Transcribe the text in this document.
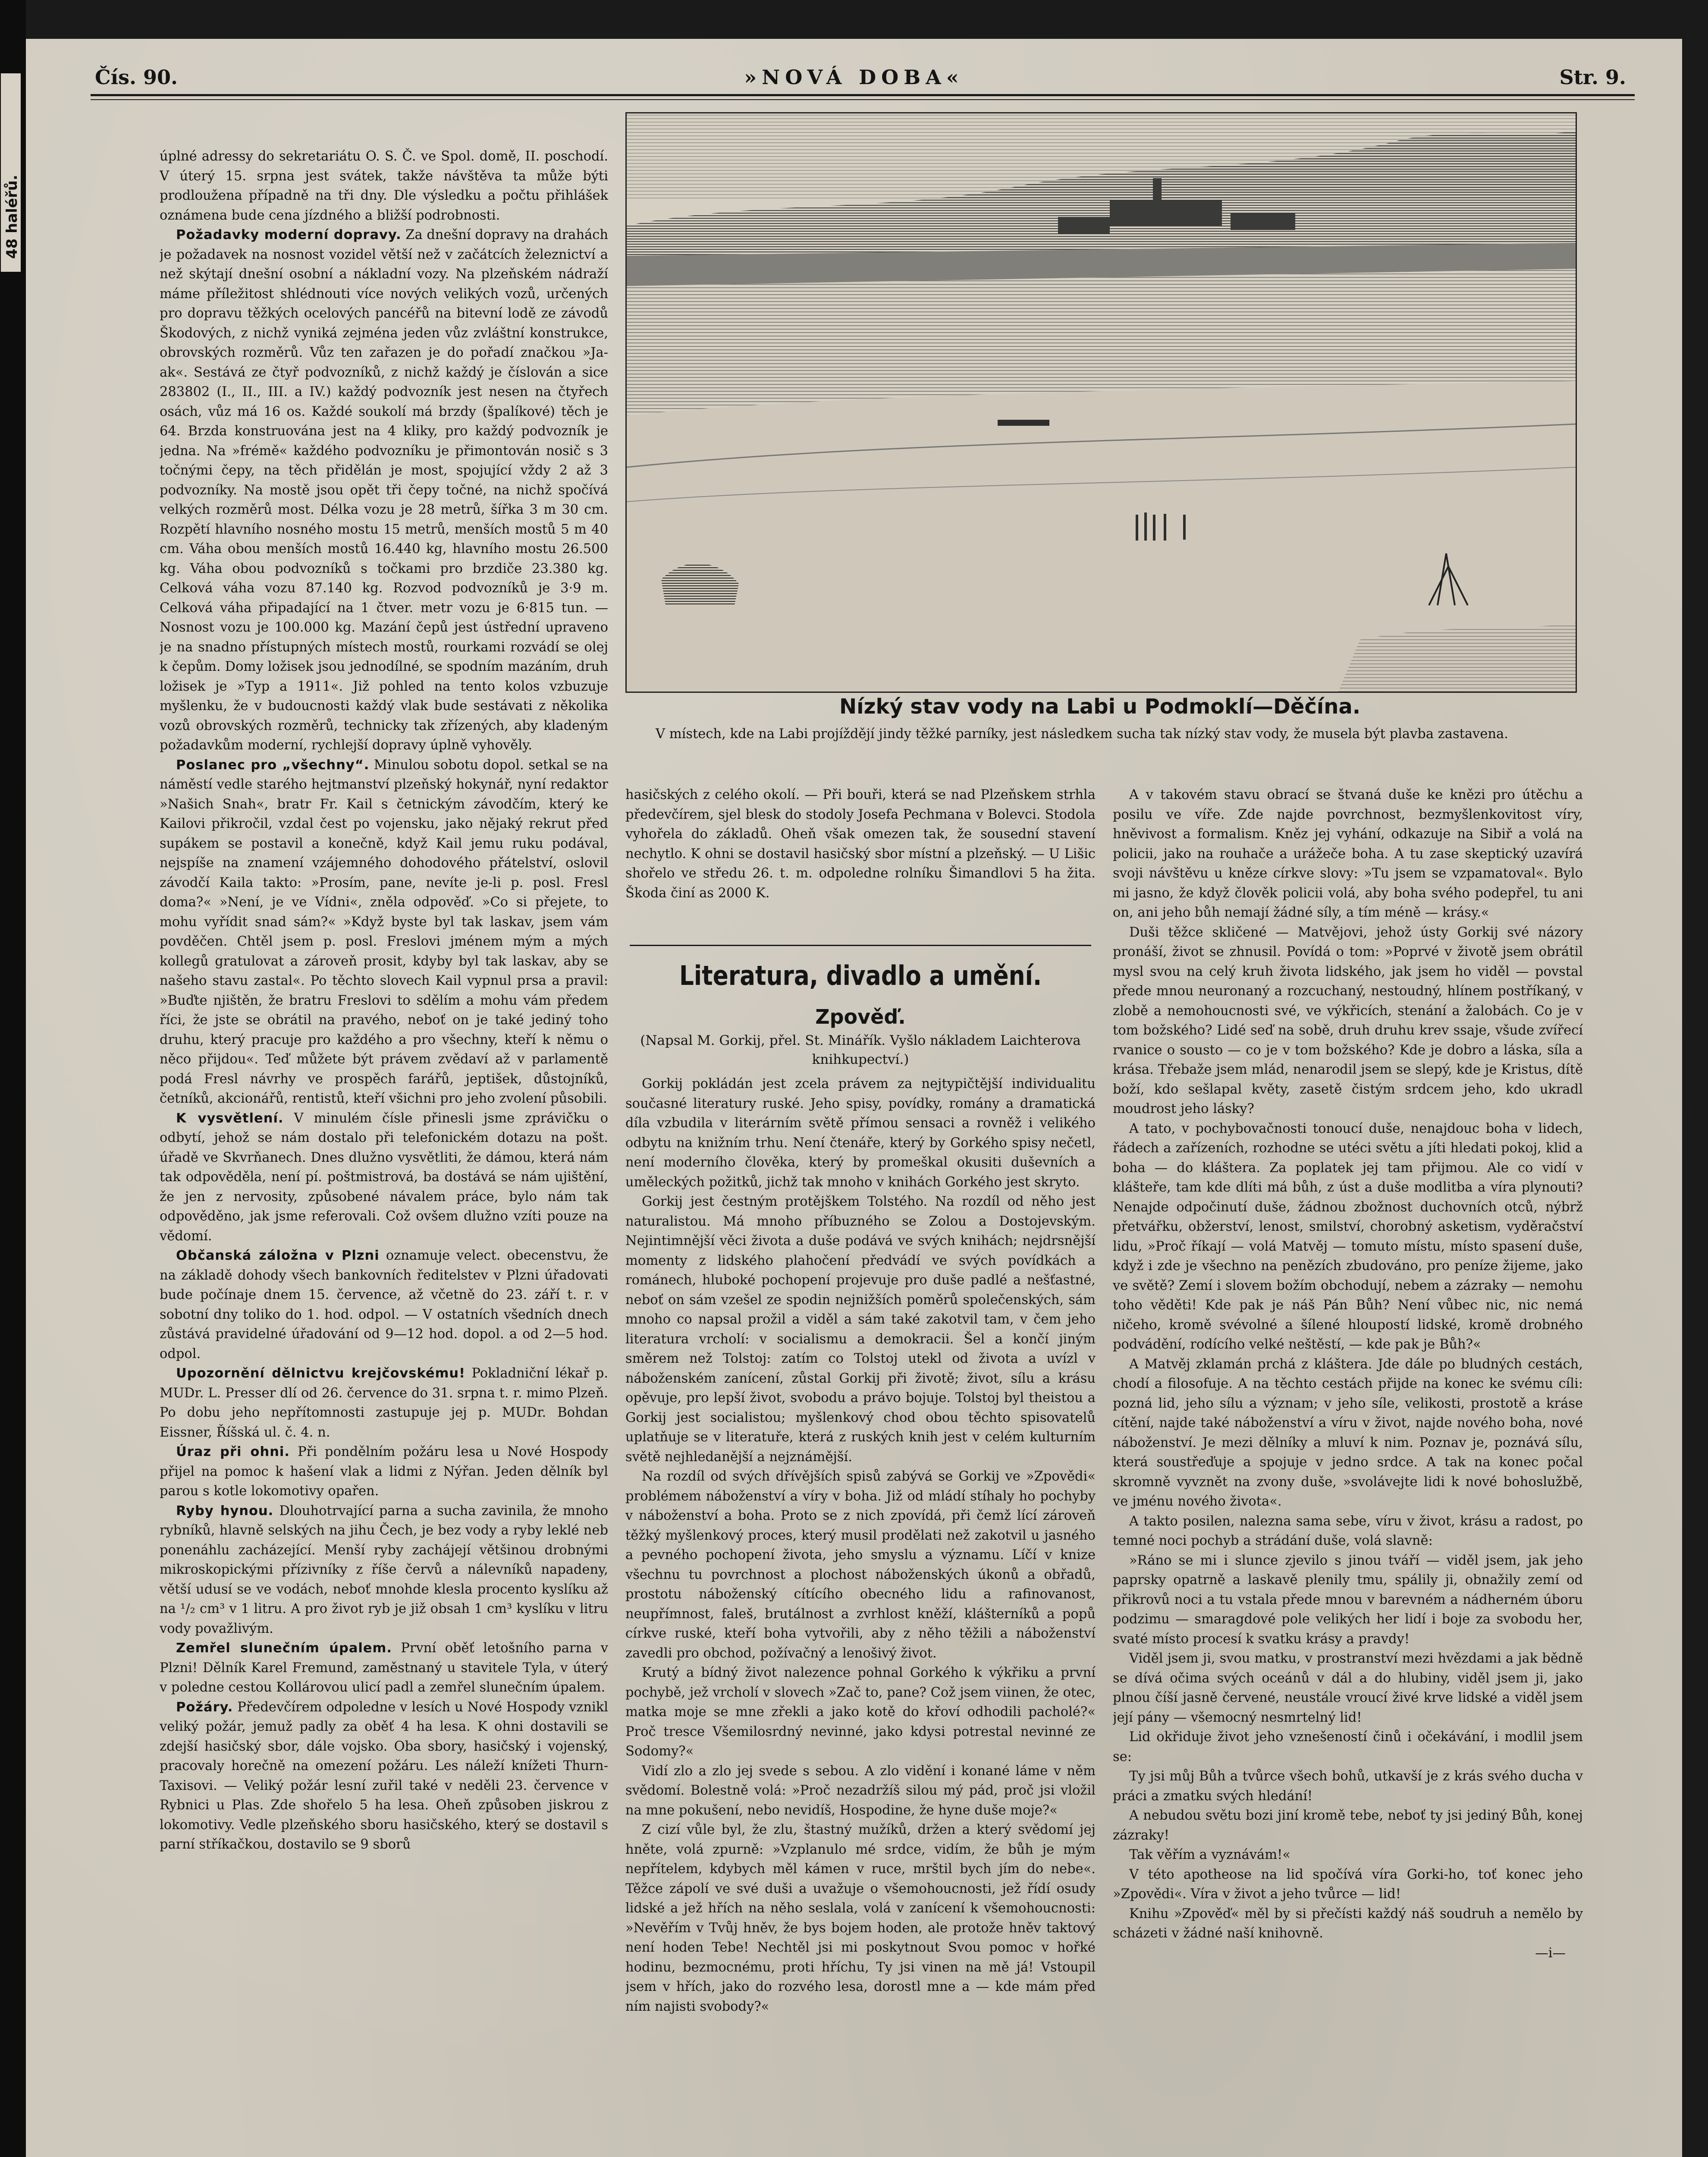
48 haléřů.
Čís. 90.	»NOVÁ DOBA«	Str. 9.

úplné adressy do sekretariátu O. S. Č. ve Spol. domě, II. poschodí. V úterý 15. srpna jest svátek, takže návštěva ta může býti prodloužena případně na tři dny. Dle výsledku a počtu přihlášek oznámena bude cena jízdného a bližší podrobnosti.

Požadavky moderní dopravy. Za dnešní dopravy na drahách je požadavek na nosnost vozidel větší než v začátcích železnictví a než skýtají dnešní osobní a nákladní vozy. Na plzeňském nádraží máme příležitost shlédnouti více nových velikých vozů, určených pro dopravu těžkých ocelových pancéřů na bitevní lodě ze závodů Škodových, z nichž vyniká zejména jeden vůz zvláštní konstrukce, obrovských rozměrů. Vůz ten zařazen je do pořadí značkou »Ja-ak«. Sestává ze čtyř podvozníků, z nichž každý je číslován a sice 283802 (I., II., III. a IV.) každý podvozník jest nesen na čtyřech osách, vůz má 16 os. Každé soukolí má brzdy (špalíkové) těch je 64. Brzda konstruována jest na 4 kliky, pro každý podvozník je jedna. Na »frémě« každého podvozníku je přimontován nosič s 3 točnými čepy, na těch přidělán je most, spojující vždy 2 až 3 podvozníky. Na mostě jsou opět tři čepy točné, na nichž spočívá velkých rozměrů most. Délka vozu je 28 metrů, šířka 3 m 30 cm. Rozpětí hlavního nosného mostu 15 metrů, menších mostů 5 m 40 cm. Váha obou menších mostů 16.440 kg, hlavního mostu 26.500 kg. Váha obou podvozníků s točkami pro brzdiče 23.380 kg. Celková váha vozu 87.140 kg. Rozvod podvozníků je 3·9 m. Celková váha připadající na 1 čtver. metr vozu je 6·815 tun. — Nosnost vozu je 100.000 kg. Mazání čepů jest ústřední upraveno je na snadno přístupných místech mostů, rourkami rozvádí se olej k čepům. Domy ložisek jsou jednodílné, se spodním mazáním, druh ložisek je »Typ a 1911«. Již pohled na tento kolos vzbuzuje myšlenku, že v budoucnosti každý vlak bude sestávati z několika vozů obrovských rozměrů, technicky tak zřízených, aby kladeným požadavkům moderní, rychlejší dopravy úplně vyhověly.

Poslanec pro „všechny“. Minulou sobotu dopol. setkal se na náměstí vedle starého hejtmanství plzeňský hokynář, nyní redaktor »Našich Snah«, bratr Fr. Kail s četnickým závodčím, který ke Kailovi přikročil, vzdal čest po vojensku, jako nějaký rekrut před supákem se postavil a konečně, když Kail jemu ruku podával, nejspíše na znamení vzájemného dohodového přátelství, oslovil závodčí Kaila takto: »Prosím, pane, nevíte je-li p. posl. Fresl doma?« »Není, je ve Vídni«, zněla odpověď. »Co si přejete, to mohu vyřídit snad sám?« »Když byste byl tak laskav, jsem vám povděčen. Chtěl jsem p. posl. Freslovi jménem mým a mých kollegů gratulovat a zároveň prosit, kdyby byl tak laskav, aby se našeho stavu zastal«. Po těchto slovech Kail vypnul prsa a pravil: »Buďte njištěn, že bratru Freslovi to sdělím a mohu vám předem říci, že jste se obrátil na pravého, neboť on je také jediný toho druhu, který pracuje pro každého a pro všechny, kteří k němu o něco přijdou«. Teď můžete být právem zvědaví až v parlamentě podá Fresl návrhy ve prospěch farářů, jeptišek, důstojníků, četníků, akcionářů, rentistů, kteří všichni pro jeho zvolení působili.

K vysvětlení. V minulém čísle přinesli jsme zprávičku o odbytí, jehož se nám dostalo při telefonickém dotazu na pošt. úřadě ve Skvrňanech. Dnes dlužno vysvětliti, že dámou, která nám tak odpověděla, není pí. poštmistrová, ba dostává se nám ujištění, že jen z nervosity, způsobené návalem práce, bylo nám tak odpověděno, jak jsme referovali. Což ovšem dlužno vzíti pouze na vědomí.

Občanská záložna v Plzni oznamuje velect. obecenstvu, že na základě dohody všech bankovních ředitelstev v Plzni úřadovati bude počínaje dnem 15. července, až včetně do 23. září t. r. v sobotní dny toliko do 1. hod. odpol. — V ostatních všedních dnech zůstává pravidelné úřadování od 9—12 hod. dopol. a od 2—5 hod. odpol.

Upozornění dělnictvu krejčovskému! Pokladniční lékař p. MUDr. L. Presser dlí od 26. července do 31. srpna t. r. mimo Plzeň. Po dobu jeho nepřítomnosti zastupuje jej p. MUDr. Bohdan Eissner, Říšská ul. č. 4. n.

Úraz při ohni. Při pondělním požáru lesa u Nové Hospody přijel na pomoc k hašení vlak a lidmi z Nýřan. Jeden dělník byl parou s kotle lokomotivy opařen.

Ryby hynou. Dlouhotrvající parna a sucha zavinila, že mnoho rybníků, hlavně selských na jihu Čech, je bez vody a ryby leklé neb ponenáhlu zacházející. Menší ryby zachájejí většinou drobnými mikroskopickými přízivníky z říše červů a nálevníků napadeny, větší udusí se ve vodách, neboť mnohde klesla procento kyslíku až na ¹/₂ cm³ v 1 litru. A pro život ryb je již obsah 1 cm³ kyslíku v litru vody považlivým.

Zemřel slunečním úpalem. První oběť letošního parna v Plzni! Dělník Karel Fremund, zaměstnaný u stavitele Tyla, v úterý v poledne cestou Kollárovou ulicí padl a zemřel slunečním úpalem.

Požáry. Předevčírem odpoledne v lesích u Nové Hospody vznikl veliký požár, jemuž padly za oběť 4 ha lesa. K ohni dostavili se zdejší hasičský sbor, dále vojsko. Oba sbory, hasičský i vojenský, pracovaly horečně na omezení požáru. Les náleží knížeti Thurn-Taxisovi. — Veliký požár lesní zuřil také v neděli 23. července v Rybnici u Plas. Zde shořelo 5 ha lesa. Oheň způsoben jiskrou z lokomotivy. Vedle plzeňského sboru hasičského, který se dostavil s parní stříkačkou, dostavilo se 9 sborů

Nízký stav vody na Labi u Podmoklí—Děčína.
V místech, kde na Labi projíždějí jindy těžké parníky, jest následkem sucha tak nízký stav vody, že musela být plavba zastavena.

hasičských z celého okolí. — Při bouři, která se nad Plzeňskem strhla předevčírem, sjel blesk do stodoly Josefa Pechmana v Bolevci. Stodola vyhořela do základů. Oheň však omezen tak, že sousední stavení nechytlo. K ohni se dostavil hasičský sbor místní a plzeňský. — U Lišic shořelo ve středu 26. t. m. odpoledne rolníku Šimandlovi 5 ha žita. Škoda činí as 2000 K.

Literatura, divadlo a umění.
Zpověď.
(Napsal M. Gorkij, přel. St. Minářík. Vyšlo nákladem Laichterova knihkupectví.)

Gorkij pokládán jest zcela právem za nejtypičtější individualitu současné literatury ruské. Jeho spisy, povídky, romány a dramatická díla vzbudila v literárním světě přímou sensaci a rovněž i velikého odbytu na knižním trhu. Není čtenáře, který by Gorkého spisy nečetl, není moderního člověka, který by promeškal okusiti duševních a uměleckých požitků, jichž tak mnoho v knihách Gorkého jest skryto.

Gorkij jest čestným protějškem Tolstého. Na rozdíl od něho jest naturalistou. Má mnoho příbuzného se Zolou a Dostojevským. Nejintimnější věci života a duše podává ve svých knihách; nejdrsnější momenty z lidského plahočení předvádí ve svých povídkách a románech, hluboké pochopení projevuje pro duše padlé a nešťastné, neboť on sám vzešel ze spodin nejnižších poměrů společenských, sám mnoho co napsal prožil a viděl a sám také zakotvil tam, v čem jeho literatura vrcholí: v socialismu a demokracii. Šel a končí jiným směrem než Tolstoj: zatím co Tolstoj utekl od života a uvízl v náboženském zanícení, zůstal Gorkij při životě; život, sílu a krásu opěvuje, pro lepší život, svobodu a právo bojuje. Tolstoj byl theistou a Gorkij jest socialistou; myšlenkový chod obou těchto spisovatelů uplatňuje se v literatuře, která z ruských knih jest v celém kulturním světě nejhledanější a nejznámější.

Na rozdíl od svých dřívějších spisů zabývá se Gorkij ve »Zpovědi« problémem náboženství a víry v boha. Již od mládí stíhaly ho pochyby v náboženství a boha. Proto se z nich zpovídá, při čemž lící zároveň těžký myšlenkový proces, který musil prodělati než zakotvil u jasného a pevného pochopení života, jeho smyslu a významu. Líčí v knize všechnu tu povrchnost a plochost náboženských úkonů a obřadů, prostotu náboženský cítícího obecného lidu a rafinovanost, neupřímnost, faleš, brutálnost a zvrhlost kněží, klášterníků a popů církve ruské, kteří boha vytvořili, aby z něho těžili a náboženství zavedli pro obchod, požívačný a lenošivý život.

Krutý a bídný život nalezence pohnal Gorkého k výkřiku a první pochybě, jež vrcholí v slovech »Zač to, pane? Což jsem viinen, že otec, matka moje se mne zřekli a jako kotě do křoví odhodili pacholé?« Proč tresce Všemilosrdný nevinné, jako kdysi potrestal nevinné ze Sodomy?«

Vidí zlo a zlo jej svede s sebou. A zlo vidění i konané láme v něm svědomí. Bolestně volá: »Proč nezadržíš silou mý pád, proč jsi vložil na mne pokušení, nebo nevidíš, Hospodine, že hyne duše moje?«

Z cizí vůle byl, že zlu, štastný mužíků, držen a který svědomí jej hněte, volá zpurně: »Vzplanulo mé srdce, vidím, že bůh je mým nepřítelem, kdybych měl kámen v ruce, mrštil bych jím do nebe«. Těžce zápolí ve své duši a uvažuje o všemohoucnosti, jež řídí osudy lidské a jež hřích na něho seslala, volá v zanícení k všemohoucnosti: »Nevěřím v Tvůj hněv, že bys bojem hoden, ale protože hněv taktový není hoden Tebe! Nechtěl jsi mi poskytnout Svou pomoc v hořké hodinu, bezmocnému, proti hříchu, Ty jsi vinen na mě já! Vstoupil jsem v hřích, jako do rozvého lesa, dorostl mne a — kde mám před ním najisti svobody?«

A v takovém stavu obrací se štvaná duše ke knězi pro útěchu a posilu ve víře. Zde najde povrchnost, bezmyšlenkovitost víry, hněvivost a formalism. Kněz jej vyhání, odkazuje na Sibiř a volá na policii, jako na rouhače a urážeče boha. A tu zase skeptický uzavírá svoji návštěvu u kněze církve slovy: »Tu jsem se vzpamatoval«. Bylo mi jasno, že když člověk policii volá, aby boha svého podepřel, tu ani on, ani jeho bůh nemají žádné síly, a tím méně — krásy.«

Duši těžce skličené — Matvějovi, jehož ústy Gorkij své názory pronáší, život se zhnusil. Povídá o tom: »Poprvé v životě jsem obrátil mysl svou na celý kruh života lidského, jak jsem ho viděl — povstal přede mnou neuronaný a rozcuchaný, nestoudný, hlínem postříkaný, v zlobě a nemohoucnosti své, ve výkřicích, stenání a žalobách. Co je v tom božského? Lidé seď na sobě, druh druhu krev ssaje, všude zvířecí rvanice o sousto — co je v tom božského? Kde je dobro a láska, síla a krása. Třebaže jsem mlád, nenarodil jsem se slepý, kde je Kristus, dítě boží, kdo sešlapal květy, zasetě čistým srdcem jeho, kdo ukradl moudrost jeho lásky?

A tato, v pochybovačnosti tonoucí duše, nenajdouc boha v lidech, řádech a zařízeních, rozhodne se utéci světu a jíti hledati pokoj, klid a boha — do kláštera. Za poplatek jej tam přijmou. Ale co vidí v klášteře, tam kde dlíti má bůh, z úst a duše modlitba a víra plynouti? Nenajde odpočinutí duše, žádnou zbožnost duchovních otců, nýbrž přetvářku, obžerství, lenost, smilství, chorobný asketism, vyděračství lidu, »Proč říkají — volá Matvěj — tomuto místu, místo spasení duše, když i zde je všechno na penězích zbudováno, pro peníze žijeme, jako ve světě? Zemí i slovem božím obchodují, nebem a zázraky — nemohu toho věděti! Kde pak je náš Pán Bůh? Není vůbec nic, nic nemá ničeho, kromě svévolné a šílené hloupostí lidské, kromě drobného podvádění, rodícího velké neštěstí, — kde pak je Bůh?«

A Matvěj zklamán prchá z kláštera. Jde dále po bludných cestách, chodí a filosofuje. A na těchto cestách přijde na konec ke svému cíli: pozná lid, jeho sílu a význam; v jeho síle, velikosti, prostotě a kráse cítění, najde také náboženství a víru v život, najde nového boha, nové náboženství. Je mezi dělníky a mluví k nim. Poznav je, poznává sílu, která soustřeďuje a spojuje v jedno srdce. A tak na konec počal skromně vyvznět na zvony duše, »svolávejte lidi k nové bohoslužbě, ve jménu nového života«.

A takto posilen, nalezna sama sebe, víru v život, krásu a radost, po temné noci pochyb a strádání duše, volá slavně:

»Ráno se mi i slunce zjevilo s jinou tváří — viděl jsem, jak jeho paprsky opatrně a laskavě plenily tmu, spálily ji, obnažily zemí od přikrovů noci a tu vstala přede mnou v barevném a nádherném úboru podzimu — smaragdové pole velikých her lidí i boje za svobodu her, svaté místo procesí k svatku krásy a pravdy!

Viděl jsem ji, svou matku, v prostranství mezi hvězdami a jak bědně se dívá očima svých oceánů v dál a do hlubiny, viděl jsem ji, jako plnou číší jasně červené, neustále vroucí živé krve lidské a viděl jsem její pány — všemocný nesmrtelný lid!

Lid okřiduje život jeho vznešeností činů i očekávání, i modlil jsem se:

Ty jsi můj Bůh a tvůrce všech bohů, utkavší je z krás svého ducha v práci a zmatku svých hledání!

A nebudou světu bozi jiní kromě tebe, neboť ty jsi jediný Bůh, konej zázraky!

Tak věřím a vyznávám!«

V této apotheose na lid spočívá víra Gorki-ho, toť konec jeho »Zpovědi«. Víra v život a jeho tvůrce — lid!

Knihu »Zpověď« měl by si přečísti každý náš soudruh a nemělo by scházeti v žádné naší knihovně.

—i—
